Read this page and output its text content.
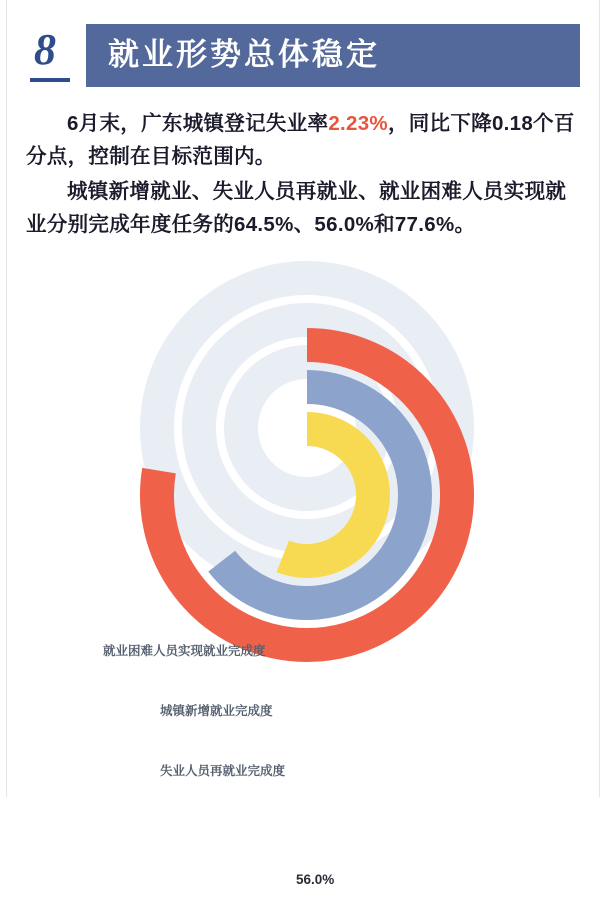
8	就业形势总体稳定

6月末，广东城镇登记失业率2.23%，同比下降0.18个百分点，控制在目标范围内。

城镇新增就业、失业人员再就业、就业困难人员实现就业分别完成年度任务的64.5%、56.0%和77.6%。

就业困难人员实现就业完成度
城镇新增就业完成度
失业人员再就业完成度
77.6%
64.5%
56.0%
